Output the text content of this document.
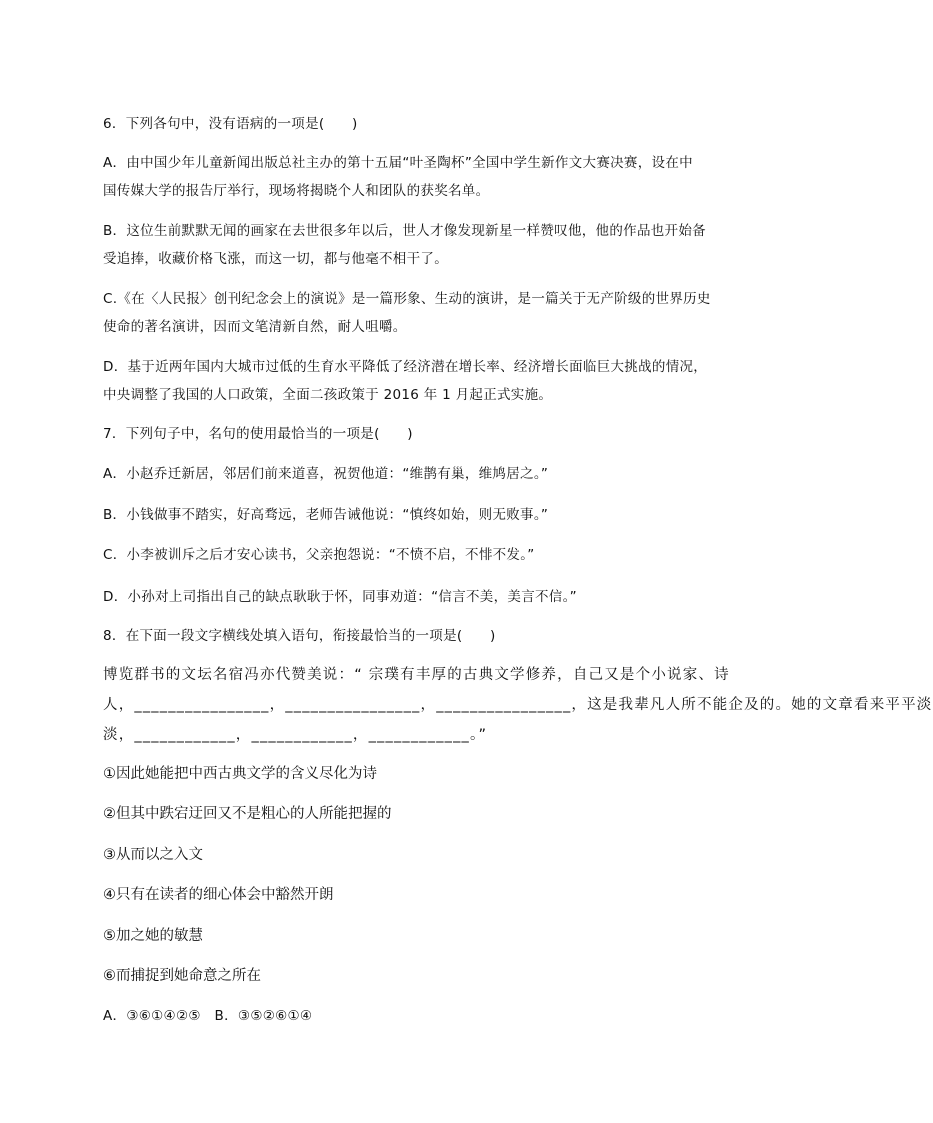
6．下列各句中，没有语病的一项是(　　)
A．由中国少年儿童新闻出版总社主办的第十五届“叶圣陶杯”全国中学生新作文大赛决赛，设在中
国传媒大学的报告厅举行，现场将揭晓个人和团队的获奖名单。
B．这位生前默默无闻的画家在去世很多年以后，世人才像发现新星一样赞叹他，他的作品也开始备
受追捧，收藏价格飞涨，而这一切，都与他毫不相干了。
C.《在〈人民报〉创刊纪念会上的演说》是一篇形象、生动的演讲，是一篇关于无产阶级的世界历史
使命的著名演讲，因而文笔清新自然，耐人咀嚼。
D．基于近两年国内大城市过低的生育水平降低了经济潜在增长率、经济增长面临巨大挑战的情况，
中央调整了我国的人口政策，全面二孩政策于 2016 年 1 月起正式实施。
7．下列句子中，名句的使用最恰当的一项是(　　)
A．小赵乔迁新居，邻居们前来道喜，祝贺他道：“维鹊有巢，维鸠居之。”
B．小钱做事不踏实，好高骛远，老师告诫他说：“慎终如始，则无败事。”
C．小李被训斥之后才安心读书，父亲抱怨说：“不愤不启，不悱不发。”
D．小孙对上司指出自己的缺点耿耿于怀，同事劝道：“信言不美，美言不信。”
8．在下面一段文字横线处填入语句，衔接最恰当的一项是(　　)
博览群书的文坛名宿冯亦代赞美说：“ 宗璞有丰厚的古典文学修养，自己又是个小说家、诗
人，________________，________________，________________，这是我辈凡人所不能企及的。她的文章看来平平淡
淡，____________，____________，____________。”
①因此她能把中西古典文学的含义尽化为诗
②但其中跌宕迂回又不是粗心的人所能把握的
③从而以之入文
④只有在读者的细心体会中豁然开朗
⑤加之她的敏慧
⑥而捕捉到她命意之所在
A．③⑥①④②⑤　B．③⑤②⑥①④
